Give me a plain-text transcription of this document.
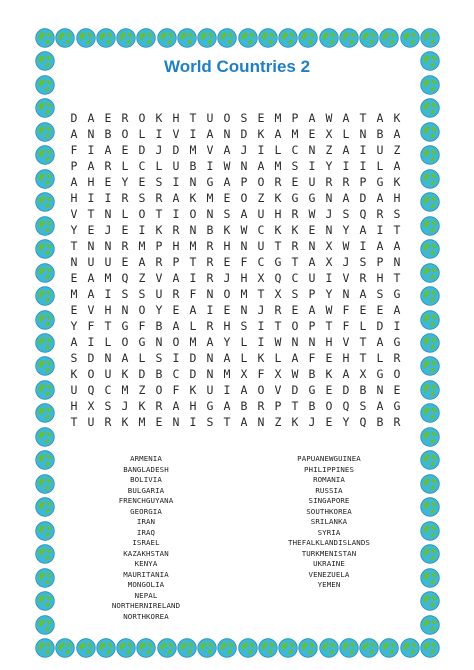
World Countries 2
D A E R O K H T U O S E M P A W A T A K
A N B O L I V I A N D K A M E X L N B A
F I A E D J D M V A J I L C N Z A I U Z
P A R L C L U B I W N A M S I Y I I L A
A H E Y E S I N G A P O R E U R R P G K
H I I R S R A K M E O Z K G G N A D A H
V T N L O T I O N S A U H R W J S Q R S
Y E J E I K R N B K W C K K E N Y A I T
T N N R M P H M R H N U T R N X W I A A
N U U E A R P T R E F C G T A X J S P N
E A M Q Z V A I R J H X Q C U I V R H T
M A I S S U R F N O M T X S P Y N A S G
E V H N O Y E A I E N J R E A W F E E A
Y F T G F B A L R H S I T O P T F L D I
A I L O G N O M A Y L I W N N H V T A G
S D N A L S I D N A L K L A F E H T L R
K O U K D B C D N M X F X W B K A X G O
U Q C M Z O F K U I A O V D G E D B N E
H X S J K R A H G A B R P T B O Q S A G
T U R K M E N I S T A N Z K J E Y Q B R
ARMENIA
BANGLADESH
BOLIVIA
BULGARIA
FRENCHGUYANA
GEORGIA
IRAN
IRAQ
ISRAEL
KAZAKHSTAN
KENYA
MAURITANIA
MONGOLIA
NEPAL
NORTHERNIRELAND
NORTHKOREA
PAPUANEWGUINEA
PHILIPPINES
ROMANIA
RUSSIA
SINGAPORE
SOUTHKOREA
SRILANKA
SYRIA
THEFALKLANDISLANDS
TURKMENISTAN
UKRAINE
VENEZUELA
YEMEN
